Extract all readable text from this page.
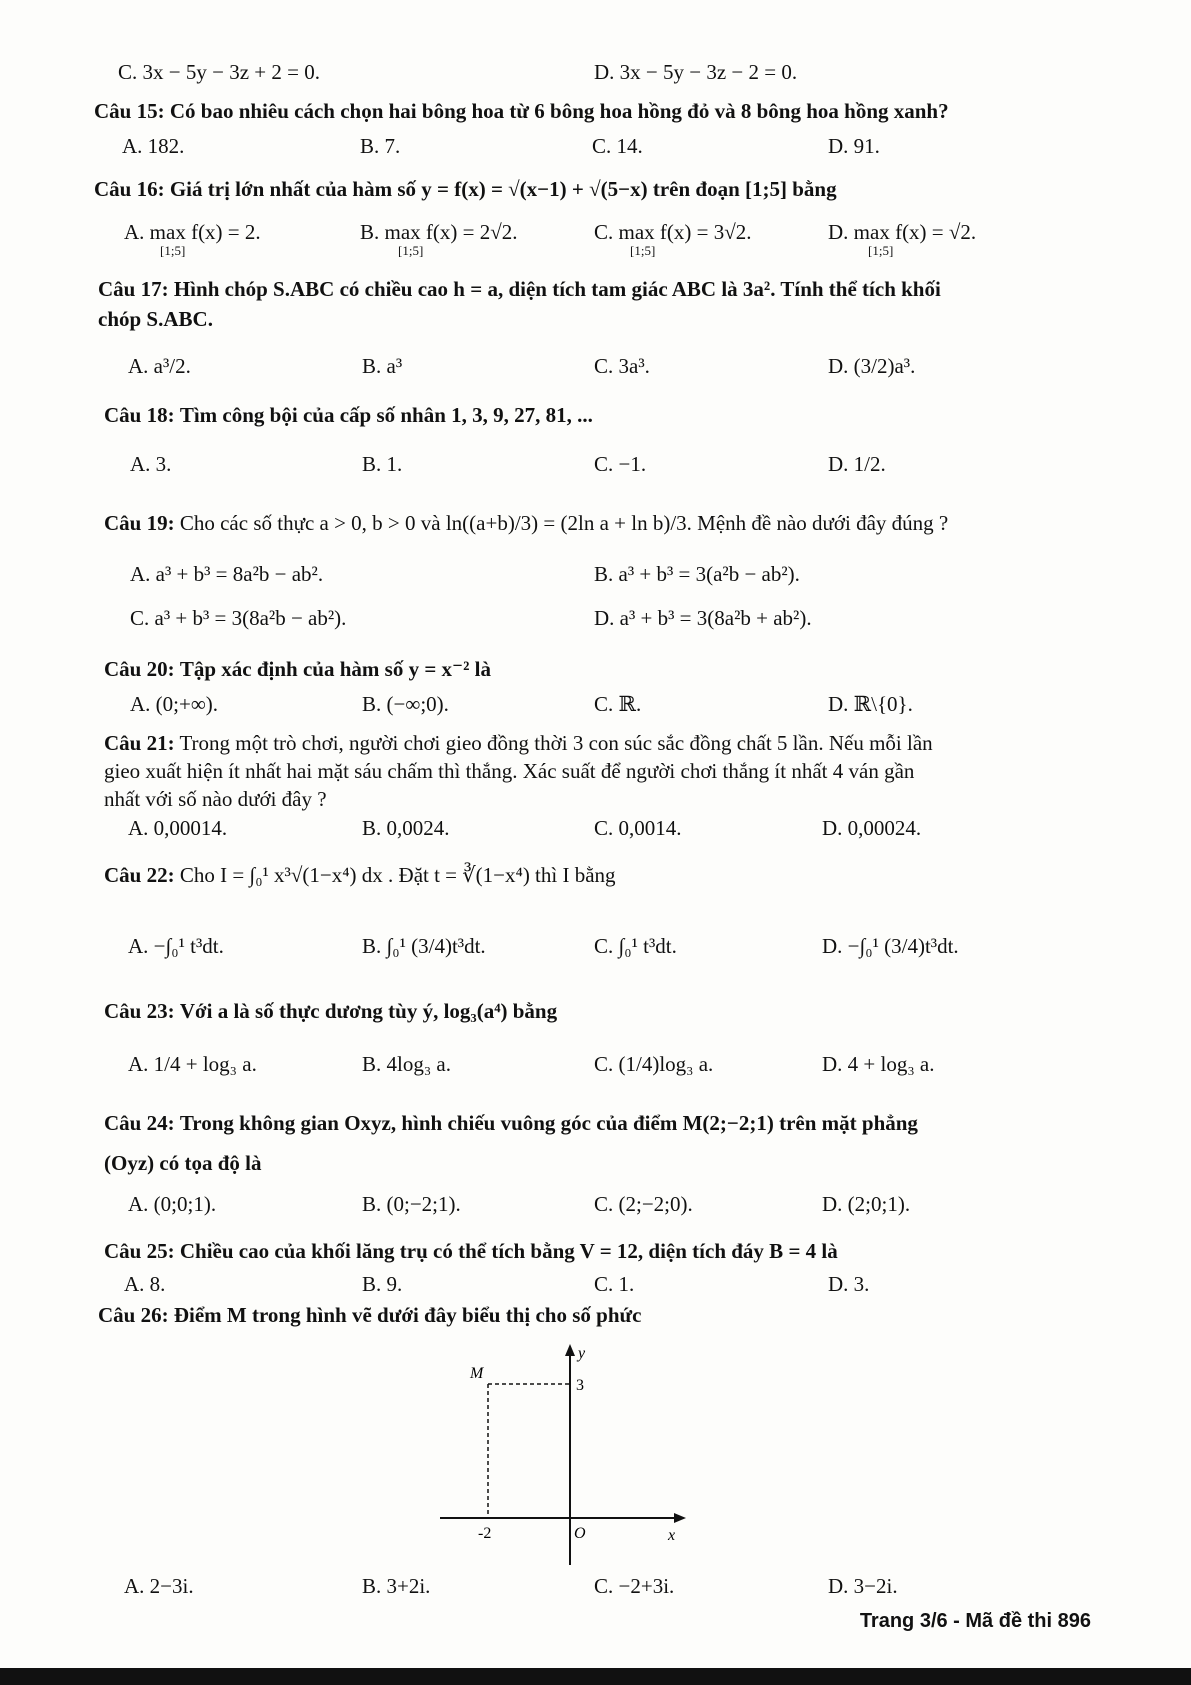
C. 3x − 5y − 3z + 2 = 0.	D. 3x − 5y − 3z − 2 = 0.
Câu 15: Có bao nhiêu cách chọn hai bông hoa từ 6 bông hoa hồng đỏ và 8 bông hoa hồng xanh?
A. 182.	B. 7.	C. 14.	D. 91.
Câu 16: Giá trị lớn nhất của hàm số y = f(x) = √(x−1) + √(5−x) trên đoạn [1;5] bằng
A. max f(x) = 2.	B. max f(x) = 2√2.	C. max f(x) = 3√2.	D. max f(x) = √2.
[1;5]	[1;5]	[1;5]	[1;5]
Câu 17: Hình chóp S.ABC có chiều cao h = a, diện tích tam giác ABC là 3a². Tính thể tích khối
chóp S.ABC.
A. a³/2.	B. a³	C. 3a³.	D. (3/2)a³.
Câu 18: Tìm công bội của cấp số nhân 1, 3, 9, 27, 81, ...
A. 3.	B. 1.	C. −1.	D. 1/2.
Câu 19: Cho các số thực a > 0, b > 0 và ln((a+b)/3) = (2ln a + ln b)/3. Mệnh đề nào dưới đây đúng ?
A. a³ + b³ = 8a²b − ab².	B. a³ + b³ = 3(a²b − ab²).
C. a³ + b³ = 3(8a²b − ab²).	D. a³ + b³ = 3(8a²b + ab²).
Câu 20: Tập xác định của hàm số y = x⁻² là
A. (0;+∞).	B. (−∞;0).	C. ℝ.	D. ℝ\{0}.
Câu 21: Trong một trò chơi, người chơi gieo đồng thời 3 con súc sắc đồng chất 5 lần. Nếu mỗi lần
gieo xuất hiện ít nhất hai mặt sáu chấm thì thắng. Xác suất để người chơi thắng ít nhất 4 ván gần
nhất với số nào dưới đây ?
A. 0,00014.	B. 0,0024.	C. 0,0014.	D. 0,00024.
Câu 22: Cho I = ∫₀¹ x³√(1−x⁴) dx . Đặt t = ∛(1−x⁴) thì I bằng
A. −∫₀¹ t³dt.	B. ∫₀¹ (3/4)t³dt.	C. ∫₀¹ t³dt.	D. −∫₀¹ (3/4)t³dt.
Câu 23: Với a là số thực dương tùy ý, log₃(a⁴) bằng
A. 1/4 + log₃ a.	B. 4log₃ a.	C. (1/4)log₃ a.	D. 4 + log₃ a.
Câu 24: Trong không gian Oxyz, hình chiếu vuông góc của điểm M(2;−2;1) trên mặt phẳng
(Oyz) có tọa độ là
A. (0;0;1).	B. (0;−2;1).	C. (2;−2;0).	D. (2;0;1).
Câu 25: Chiều cao của khối lăng trụ có thể tích bằng V = 12, diện tích đáy B = 4 là
A. 8.	B. 9.	C. 1.	D. 3.
Câu 26: Điểm M trong hình vẽ dưới đây biểu thị cho số phức
y
x
M
3
-2	O
A. 2−3i.	B. 3+2i.	C. −2+3i.	D. 3−2i.
Trang 3/6 - Mã đề thi 896
